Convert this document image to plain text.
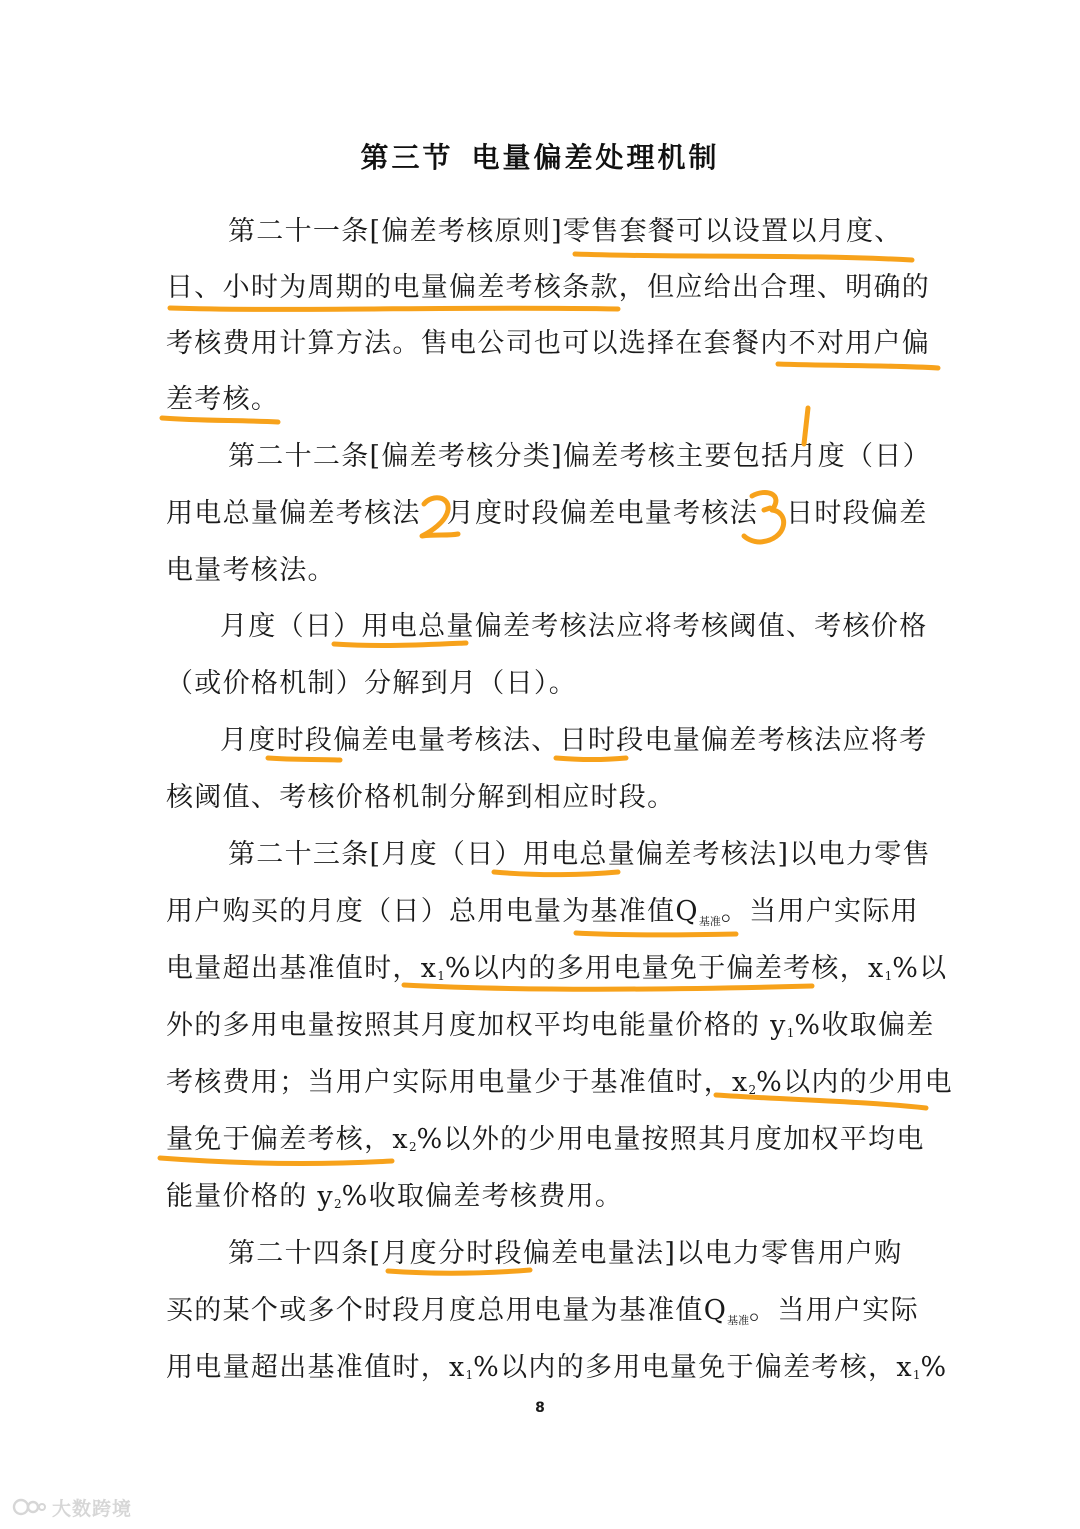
第三节 电量偏差处理机制
第二十一条[偏差考核原则]零售套餐可以设置以月度、
日、小时为周期的电量偏差考核条款，但应给出合理、明确的
考核费用计算方法。售电公司也可以选择在套餐内不对用户偏
差考核。
第二十二条[偏差考核分类]偏差考核主要包括月度（日）
用电总量偏差考核法 月度时段偏差电量考核法 日时段偏差
电量考核法。
月度（日）用电总量偏差考核法应将考核阈值、考核价格
（或价格机制）分解到月（日）。
月度时段偏差电量考核法、日时段电量偏差考核法应将考
核阈值、考核价格机制分解到相应时段。
第二十三条[月度（日）用电总量偏差考核法]以电力零售
用户购买的月度（日）总用电量为基准值$Q_{基准}$。当用户实际用
电量超出基准值时，$x_1\%$以内的多用电量免于偏差考核，$x_1\%$以
外的多用电量按照其月度加权平均电能量价格的 $y_1\%$收取偏差
考核费用；当用户实际用电量少于基准值时，$x_2\%$以内的少用电
量免于偏差考核，$x_2\%$以外的少用电量按照其月度加权平均电
能量价格的 $y_2\%$收取偏差考核费用。
第二十四条[月度分时段偏差电量法]以电力零售用户购
买的某个或多个时段月度总用电量为基准值$Q_{基准}$。当用户实际
用电量超出基准值时，$x_1\%$以内的多用电量免于偏差考核，$x_1\%$
8
大数跨境
